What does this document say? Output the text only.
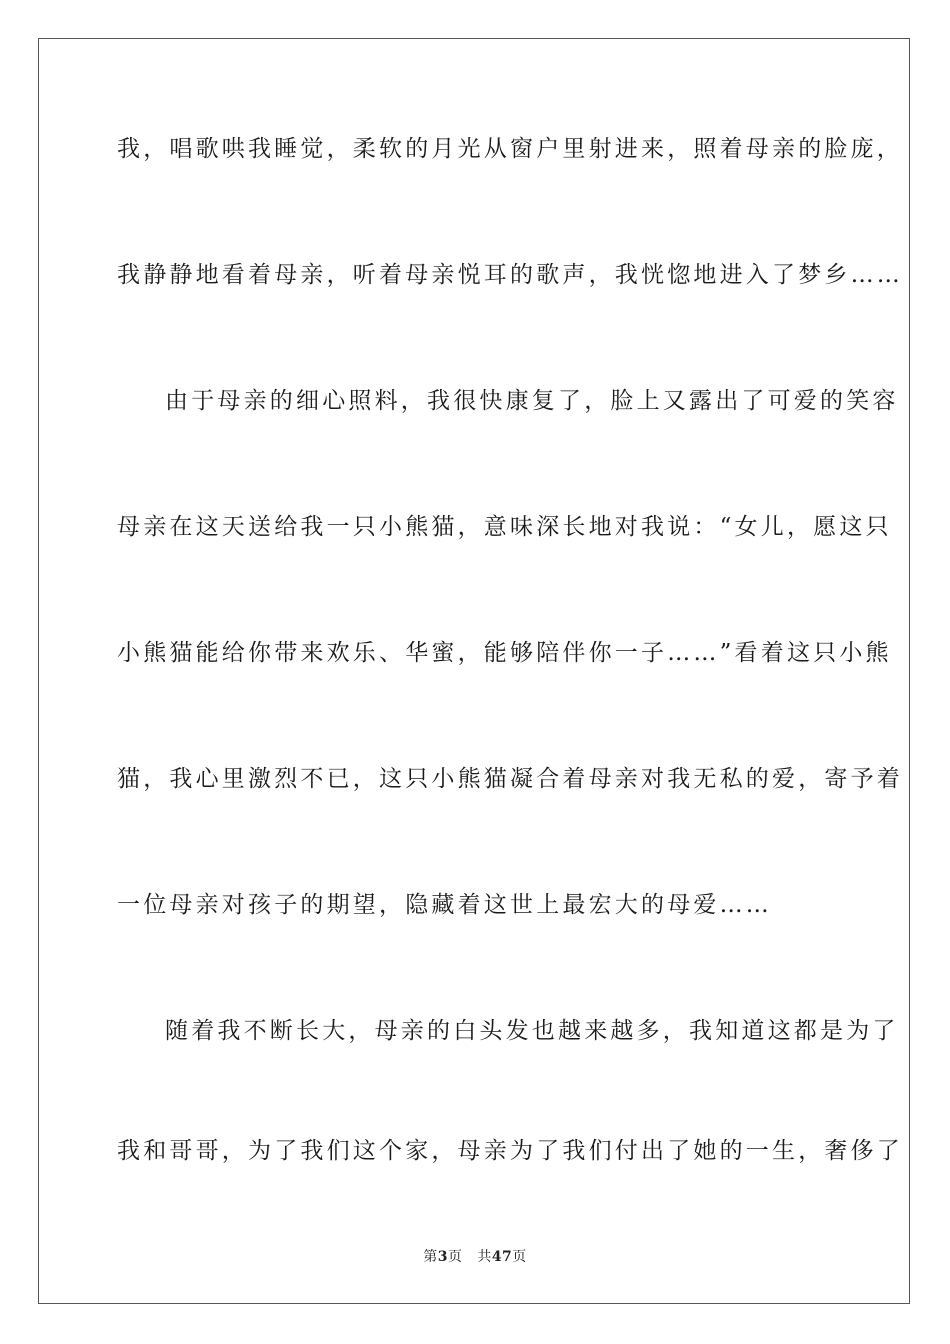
我，唱歌哄我睡觉，柔软的月光从窗户里射进来，照着母亲的脸庞，
我静静地看着母亲，听着母亲悦耳的歌声，我恍惚地进入了梦乡……
由于母亲的细心照料，我很快康复了，脸上又露出了可爱的笑容
母亲在这天送给我一只小熊猫，意味深长地对我说：“女儿，愿这只
小熊猫能给你带来欢乐、华蜜，能够陪伴你一子……”看着这只小熊
猫，我心里激烈不已，这只小熊猫凝合着母亲对我无私的爱，寄予着
一位母亲对孩子的期望，隐藏着这世上最宏大的母爱……
随着我不断长大，母亲的白头发也越来越多，我知道这都是为了
我和哥哥，为了我们这个家，母亲为了我们付出了她的一生，奢侈了
第3页 共47页
